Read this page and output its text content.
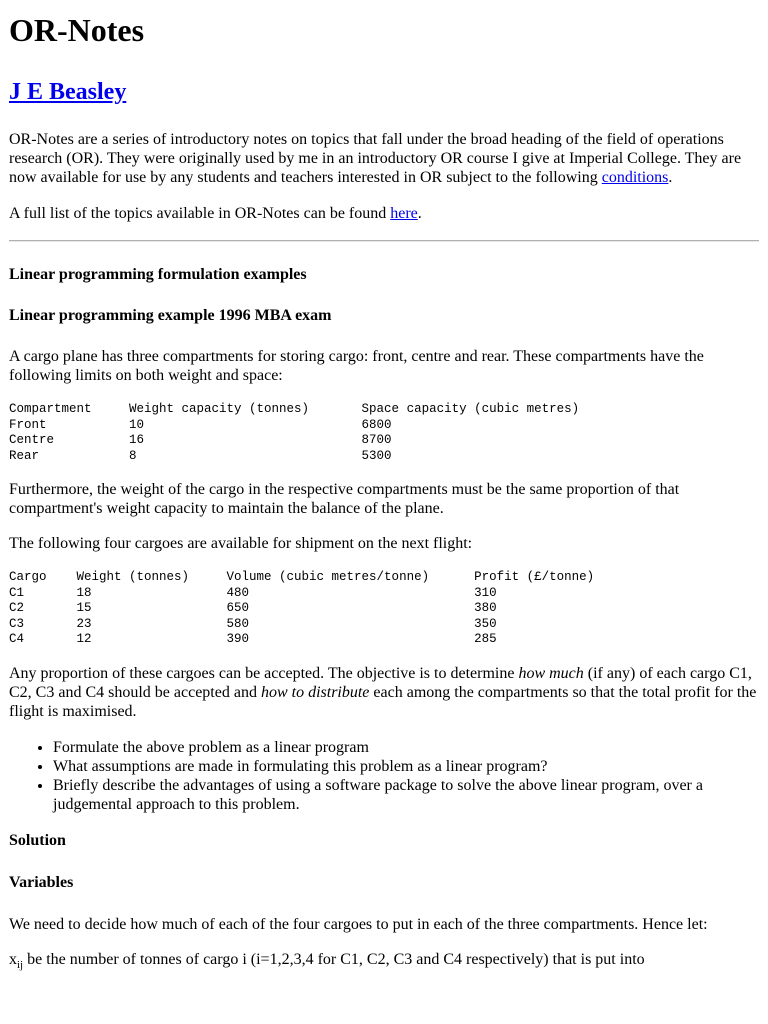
OR-Notes
J E Beasley

OR-Notes are a series of introductory notes on topics that fall under the broad heading of the field of operations research (OR). They were originally used by me in an introductory OR course I give at Imperial College. They are now available for use by any students and teachers interested in OR subject to the following conditions.

A full list of the topics available in OR-Notes can be found here.

Linear programming formulation examples

Linear programming example 1996 MBA exam

A cargo plane has three compartments for storing cargo: front, centre and rear. These compartments have the following limits on both weight and space:

Compartment     Weight capacity (tonnes)       Space capacity (cubic metres)
Front           10                             6800
Centre          16                             8700
Rear            8                              5300

Furthermore, the weight of the cargo in the respective compartments must be the same proportion of that compartment's weight capacity to maintain the balance of the plane.

The following four cargoes are available for shipment on the next flight:

Cargo    Weight (tonnes)     Volume (cubic metres/tonne)      Profit (£/tonne)
C1       18                  480                              310
C2       15                  650                              380
C3       23                  580                              350
C4       12                  390                              285

Any proportion of these cargoes can be accepted. The objective is to determine how much (if any) of each cargo C1, C2, C3 and C4 should be accepted and how to distribute each among the compartments so that the total profit for the flight is maximised.

• Formulate the above problem as a linear program
• What assumptions are made in formulating this problem as a linear program?
• Briefly describe the advantages of using a software package to solve the above linear program, over a judgemental approach to this problem.

Solution

Variables

We need to decide how much of each of the four cargoes to put in each of the three compartments. Hence let:

$x_{ij}$ be the number of tonnes of cargo i (i=1,2,3,4 for C1, C2, C3 and C4 respectively) that is put into
